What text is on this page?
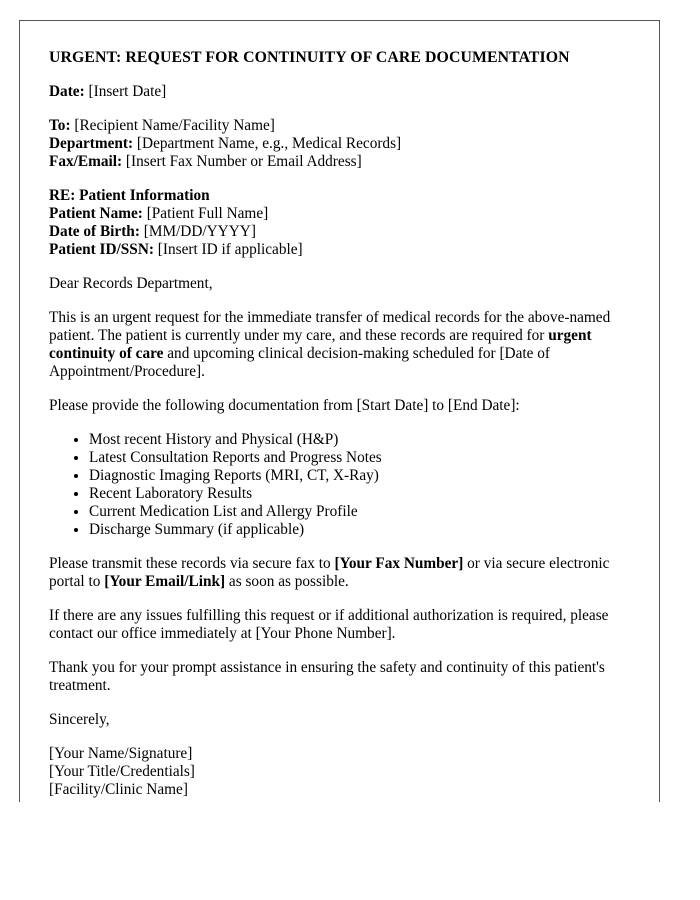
URGENT: REQUEST FOR CONTINUITY OF CARE DOCUMENTATION

Date: [Insert Date]

To: [Recipient Name/Facility Name]
Department: [Department Name, e.g., Medical Records]
Fax/Email: [Insert Fax Number or Email Address]

RE: Patient Information
Patient Name: [Patient Full Name]
Date of Birth: [MM/DD/YYYY]
Patient ID/SSN: [Insert ID if applicable]

Dear Records Department,

This is an urgent request for the immediate transfer of medical records for the above-named patient. The patient is currently under my care, and these records are required for urgent continuity of care and upcoming clinical decision-making scheduled for [Date of Appointment/Procedure].

Please provide the following documentation from [Start Date] to [End Date]:

• Most recent History and Physical (H&P)
• Latest Consultation Reports and Progress Notes
• Diagnostic Imaging Reports (MRI, CT, X-Ray)
• Recent Laboratory Results
• Current Medication List and Allergy Profile
• Discharge Summary (if applicable)

Please transmit these records via secure fax to [Your Fax Number] or via secure electronic portal to [Your Email/Link] as soon as possible.

If there are any issues fulfilling this request or if additional authorization is required, please contact our office immediately at [Your Phone Number].

Thank you for your prompt assistance in ensuring the safety and continuity of this patient's treatment.

Sincerely,

[Your Name/Signature]

[Your Title/Credentials]

[Facility/Clinic Name]
